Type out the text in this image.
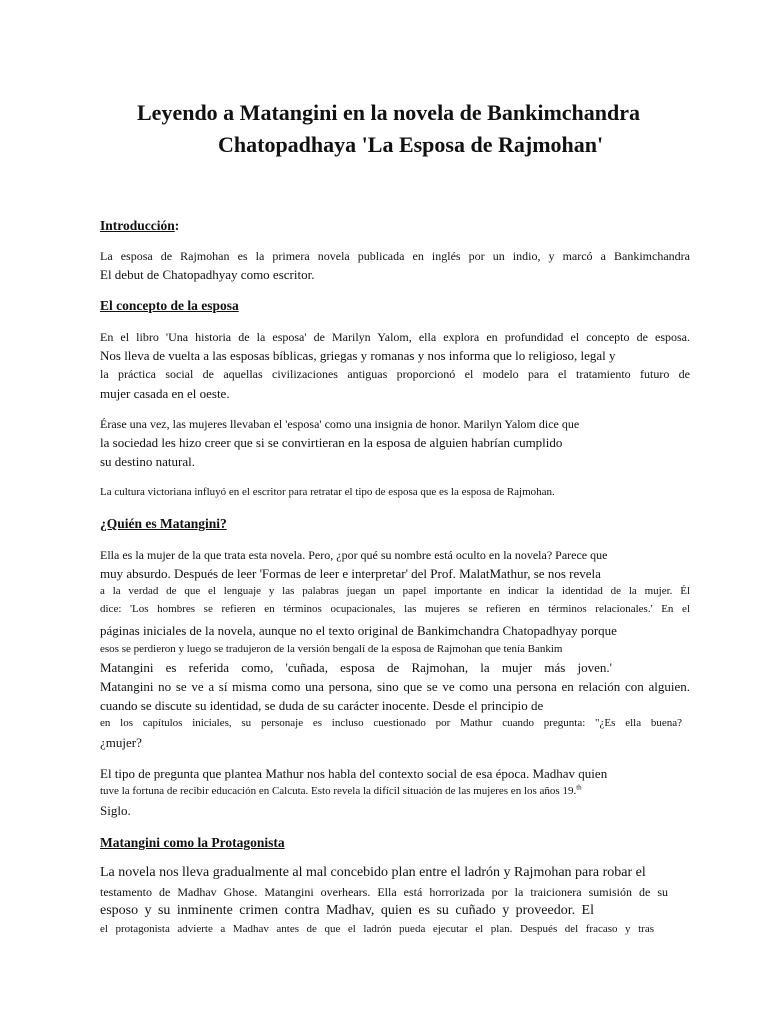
Leyendo a Matangini en la novela de Bankimchandra
Chatopadhaya 'La Esposa de Rajmohan'
Introducción:
La esposa de Rajmohan es la primera novela publicada en inglés por un indio, y marcó a Bankimchandra
El debut de Chatopadhyay como escritor.
El concepto de la esposa
En el libro 'Una historia de la esposa' de Marilyn Yalom, ella explora en profundidad el concepto de esposa.
Nos lleva de vuelta a las esposas bíblicas, griegas y romanas y nos informa que lo religioso, legal y
la práctica social de aquellas civilizaciones antiguas proporcionó el modelo para el tratamiento futuro de
mujer casada en el oeste.
Érase una vez, las mujeres llevaban el 'esposa' como una insignia de honor. Marilyn Yalom dice que
la sociedad les hizo creer que si se convirtieran en la esposa de alguien habrían cumplido
su destino natural.
La cultura victoriana influyó en el escritor para retratar el tipo de esposa que es la esposa de Rajmohan.
¿Quién es Matangini?
Ella es la mujer de la que trata esta novela. Pero, ¿por qué su nombre está oculto en la novela? Parece que
muy absurdo. Después de leer 'Formas de leer e interpretar' del Prof. MalatMathur, se nos revela
a la verdad de que el lenguaje y las palabras juegan un papel importante en indicar la identidad de la mujer. Él
dice: 'Los hombres se refieren en términos ocupacionales, las mujeres se refieren en términos relacionales.' En el
páginas iniciales de la novela, aunque no el texto original de Bankimchandra Chatopadhyay porque
esos se perdieron y luego se tradujeron de la versión bengalí de la esposa de Rajmohan que tenía Bankim
Matangini es referida como, 'cuñada, esposa de Rajmohan, la mujer más joven.'
Matangini no se ve a sí misma como una persona, sino que se ve como una persona en relación con alguien.
cuando se discute su identidad, se duda de su carácter inocente. Desde el principio de
en los capítulos iniciales, su personaje es incluso cuestionado por Mathur cuando pregunta: "¿Es ella buena?
¿mujer?
El tipo de pregunta que plantea Mathur nos habla del contexto social de esa época. Madhav quien
tuve la fortuna de recibir educación en Calcuta. Esto revela la difícil situación de las mujeres en los años 19.$^{th}$
Siglo.
Matangini como la Protagonista
La novela nos lleva gradualmente al mal concebido plan entre el ladrón y Rajmohan para robar el
testamento de Madhav Ghose. Matangini overhears. Ella está horrorizada por la traicionera sumisión de su
esposo y su inminente crimen contra Madhav, quien es su cuñado y proveedor. El
el protagonista advierte a Madhav antes de que el ladrón pueda ejecutar el plan. Después del fracaso y tras
